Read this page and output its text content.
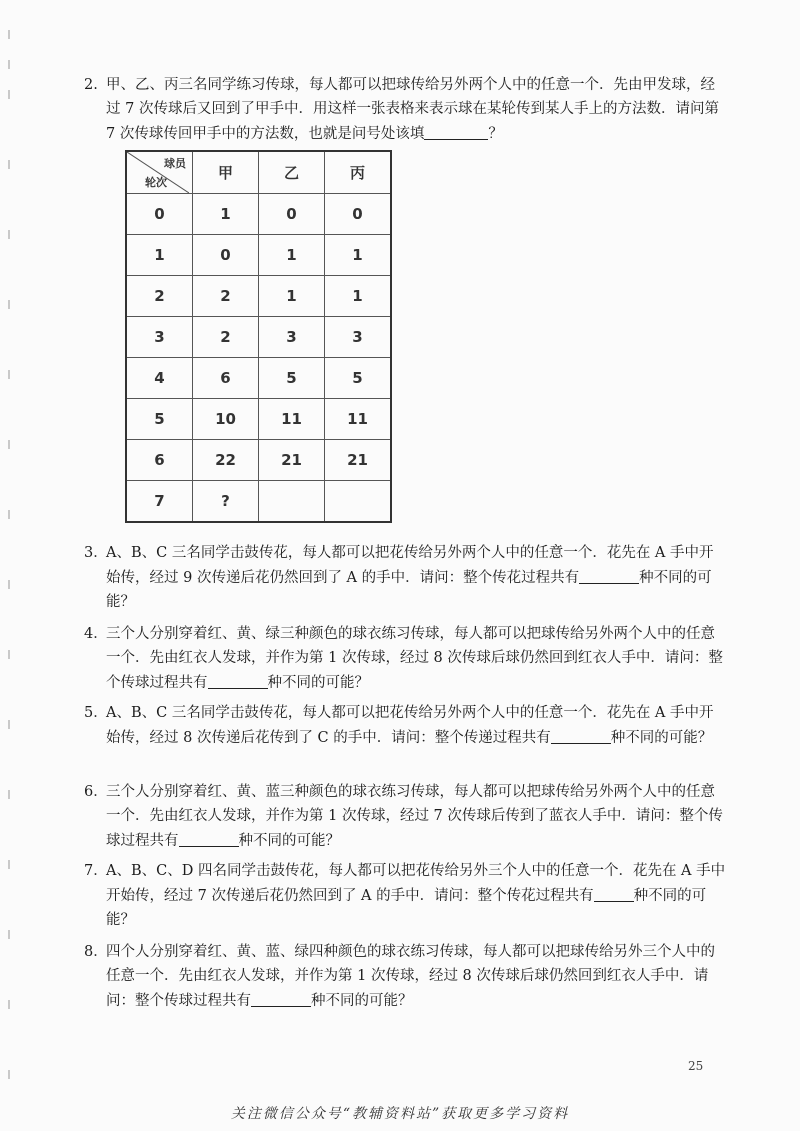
2. 甲、乙、丙三名同学练习传球，每人都可以把球传给另外两个人中的任意一个．先由甲发球，经过 7 次传球后又回到了甲手中．用这样一张表格来表示球在某轮传到某人手上的方法数．请问第 7 次传球传回甲手中的方法数，也就是问号处该填	？
球员
轮次	甲	乙	丙
0	1	0	0
1	0	1	1
2	2	1	1
3	2	3	3
4	6	5	5
5	10	11	11
6	22	21	21
7	?		
3．
A、B、C 三名同学击鼓传花，每人都可以把花传给另外两个人中的任意一个．花先在 A 手中开始传，经过 9 次传递后花仍然回到了 A 的手中．请问：整个传花过程共有	种不同的可能？
4．
三个人分别穿着红、黄、绿三种颜色的球衣练习传球，每人都可以把球传给另外两个人中的任意一个．先由红衣人发球，并作为第 1 次传球，经过 8 次传球后球仍然回到红衣人手中．请问：整个传球过程共有	种不同的可能？
5．
A、B、C 三名同学击鼓传花，每人都可以把花传给另外两个人中的任意一个．花先在 A 手中开始传，经过 8 次传递后花传到了 C 的手中．请问：整个传递过程共有	种不同的可能？
6．
三个人分别穿着红、黄、蓝三种颜色的球衣练习传球，每人都可以把球传给另外两个人中的任意一个．先由红衣人发球，并作为第 1 次传球，经过 7 次传球后传到了蓝衣人手中．请问：整个传球过程共有	种不同的可能？
7．
A、B、C、D 四名同学击鼓传花，每人都可以把花传给另外三个人中的任意一个．花先在 A 手中开始传，经过 7 次传递后花仍然回到了 A 的手中．请问：整个传花过程共有	种不同的可能？
8．
四个人分别穿着红、黄、蓝、绿四种颜色的球衣练习传球，每人都可以把球传给另外三个人中的任意一个．先由红衣人发球，并作为第 1 次传球，经过 8 次传球后球仍然回到红衣人手中．请问：整个传球过程共有	种不同的可能？
25
关注微信公众号“教辅资料站”获取更多学习资料
